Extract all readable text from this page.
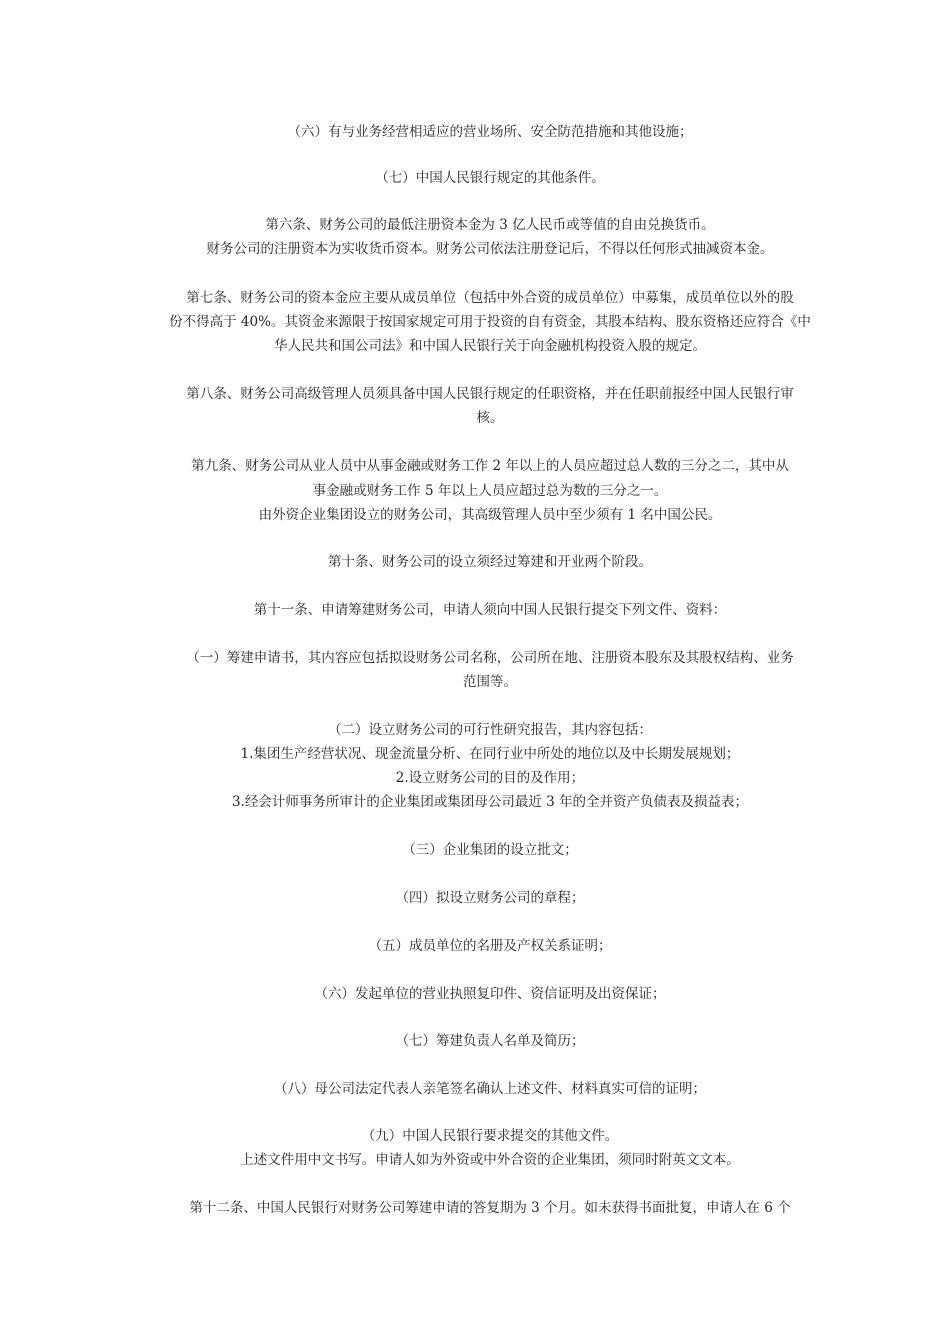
（六）有与业务经营相适应的营业场所、安全防范措施和其他设施；
（七）中国人民银行规定的其他条件。
第六条、财务公司的最低注册资本金为 3 亿人民币或等值的自由兑换货币。
财务公司的注册资本为实收货币资本。财务公司依法注册登记后，不得以任何形式抽减资本金。
第七条、财务公司的资本金应主要从成员单位（包括中外合资的成员单位）中募集，成员单位以外的股
份不得高于 40%。其资金来源限于按国家规定可用于投资的自有资金，其股本结构、股东资格还应符合《中
华人民共和国公司法》和中国人民银行关于向金融机构投资入股的规定。
第八条、财务公司高级管理人员须具备中国人民银行规定的任职资格，并在任职前报经中国人民银行审
核。
第九条、财务公司从业人员中从事金融或财务工作 2 年以上的人员应超过总人数的三分之二，其中从
事金融或财务工作 5 年以上人员应超过总为数的三分之一。
由外资企业集团设立的财务公司，其高级管理人员中至少须有 1 名中国公民。
第十条、财务公司的设立须经过筹建和开业两个阶段。
第十一条、申请筹建财务公司，申请人须向中国人民银行提交下列文件、资料：
（一）筹建申请书，其内容应包括拟设财务公司名称，公司所在地、注册资本股东及其股权结构、业务
范围等。
（二）设立财务公司的可行性研究报告，其内容包括：
1.集团生产经营状况、现金流量分析、在同行业中所处的地位以及中长期发展规划；
2.设立财务公司的目的及作用；
3.经会计师事务所审计的企业集团或集团母公司最近 3 年的全并资产负债表及损益表；
（三）企业集团的设立批文；
（四）拟设立财务公司的章程；
（五）成员单位的名册及产权关系证明；
（六）发起单位的营业执照复印件、资信证明及出资保证；
（七）筹建负责人名单及简历；
（八）母公司法定代表人亲笔签名确认上述文件、材料真实可信的证明；
（九）中国人民银行要求提交的其他文件。
上述文件用中文书写。申请人如为外资或中外合资的企业集团，须同时附英文文本。
第十二条、中国人民银行对财务公司筹建申请的答复期为 3 个月。如未获得书面批复，申请人在 6 个
